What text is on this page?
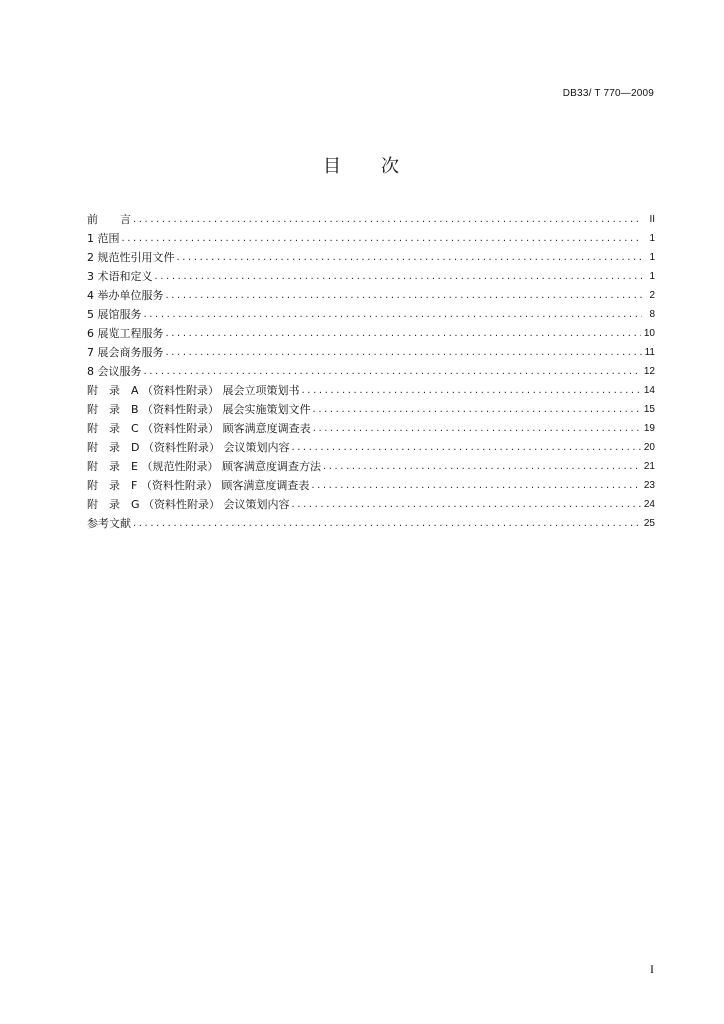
DB33/ T 770—2009
目 次
前　　言 .....	II
1 范围 .....	1
2 规范性引用文件 .....	1
3 术语和定义 .....	1
4 举办单位服务 .....	2
5 展馆服务 .....	8
6 展览工程服务 .....	10
7 展会商务服务 .....	11
8 会议服务 .....	12
附　录　A （资料性附录） 展会立项策划书 .....	14
附　录　B （资料性附录） 展会实施策划文件 .....	15
附　录　C （资料性附录） 顾客满意度调查表 .....	19
附　录　D （资料性附录） 会议策划内容 .....	20
附　录　E （规范性附录） 顾客满意度调查方法 .....	21
附　录　F （资料性附录） 顾客满意度调查表 .....	23
附　录　G （资料性附录） 会议策划内容 .....	24
参考文献 .....	25
I
